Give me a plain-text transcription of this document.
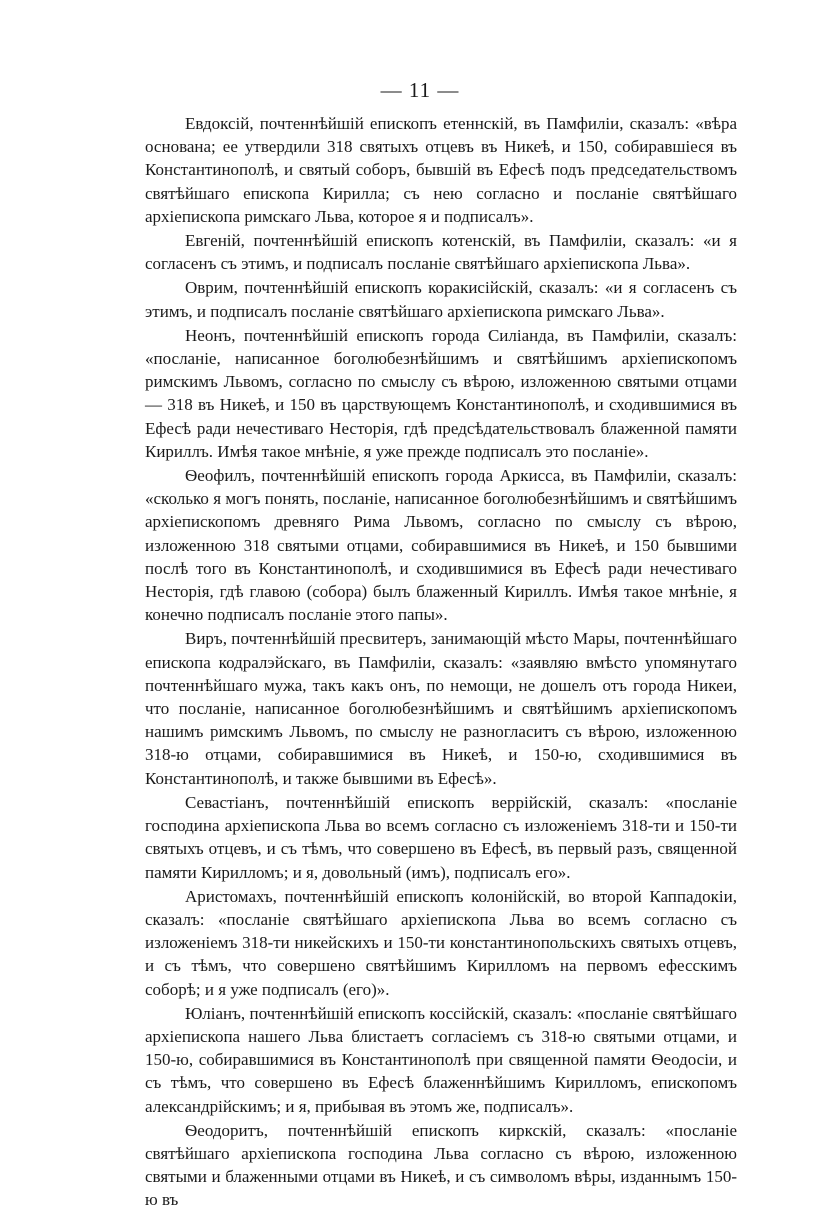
— 11 —

Евдоксій, почтеннѣйшій епископъ етеннскій, въ Памфиліи, сказалъ: «вѣра основана; ее утвердили 318 святыхъ отцевъ въ Никеѣ, и 150, собиравшіеся въ Константинополѣ, и святый соборъ, бывшій въ Ефесѣ подъ председательствомъ святѣйшаго епископа Кирилла; съ нею согласно и посланіе святѣйшаго архіепископа римскаго Льва, которое я и подписалъ».

Евгеній, почтеннѣйшій епископъ котенскій, въ Памфиліи, сказалъ: «и я согласенъ съ этимъ, и подписалъ посланіе святѣйшаго архіепископа Льва».

Оврим, почтеннѣйшій епископъ коракисійскій, сказалъ: «и я согласенъ съ этимъ, и подписалъ посланіе святѣйшаго архіепископа римскаго Льва».

Неонъ, почтеннѣйшій епископъ города Силіанда, въ Памфиліи, сказалъ: «посланіе, написанное боголюбезнѣйшимъ и святѣйшимъ архіепископомъ римскимъ Львомъ, согласно по смыслу съ вѣрою, изложенною святыми отцами— 318 въ Никеѣ, и 150 въ царствующемъ Константинополѣ, и сходившимися въ Ефесѣ ради нечестиваго Несторія, гдѣ предсѣдательствовалъ блаженной памяти Кириллъ. Имѣя такое мнѣніе, я уже прежде подписалъ это посланіе».

Ѳеофилъ, почтеннѣйшій епископъ города Аркисса, въ Памфиліи, сказалъ: «сколько я могъ понять, посланіе, написанное боголюбезнѣйшимъ и святѣйшимъ архіепископомъ древняго Рима Львомъ, согласно по смыслу съ вѣрою, изложенною 318 святыми отцами, собиравшимися въ Никеѣ, и 150 бывшими послѣ того въ Константинополѣ, и сходившимися въ Ефесѣ ради нечестиваго Несторія, гдѣ главою (собора) былъ блаженный Кириллъ. Имѣя такое мнѣніе, я конечно подписалъ посланіе этого папы».

Виръ, почтеннѣйшій пресвитеръ, занимающій мѣсто Мары, почтеннѣйшаго епископа кодралэйскаго, въ Памфиліи, сказалъ: «заявляю вмѣсто упомянутаго почтеннѣйшаго мужа, такъ какъ онъ, по немощи, не дошелъ отъ города Никеи, что посланіе, написанное боголюбезнѣйшимъ и святѣйшимъ архіепископомъ нашимъ римскимъ Львомъ, по смыслу не разногласитъ съ вѣрою, изложенною 318-ю отцами, собиравшимися въ Никеѣ, и 150-ю, сходившимися въ Константинополѣ, и также бывшими въ Ефесѣ».

Севастіанъ, почтеннѣйшій епископъ веррійскій, сказалъ: «посланіе господина архіепископа Льва во всемъ согласно съ изложеніемъ 318-ти и 150-ти святыхъ отцевъ, и съ тѣмъ, что совершено въ Ефесѣ, въ первый разъ, священной памяти Кирилломъ; и я, довольный (имъ), подписалъ его».

Аристомахъ, почтеннѣйшій епископъ колонійскій, во второй Каппадокіи, сказалъ: «посланіе святѣйшаго архіепископа Льва во всемъ согласно съ изложеніемъ 318-ти никейскихъ и 150-ти константинопольскихъ святыхъ отцевъ, и съ тѣмъ, что совершено святѣйшимъ Кирилломъ на первомъ ефесскимъ соборѣ; и я уже подписалъ (его)».

Юліанъ, почтеннѣйшій епископъ коссійскій, сказалъ: «посланіе святѣйшаго архіепископа нашего Льва блистаетъ согласіемъ съ 318-ю святыми отцами, и 150-ю, собиравшимися въ Константинополѣ при священной памяти Ѳеодосіи, и съ тѣмъ, что совершено въ Ефесѣ блаженнѣйшимъ Кирилломъ, епископомъ александрійскимъ; и я, прибывая въ этомъ же, подписалъ».

Ѳеодоритъ, почтеннѣйшій епископъ киркскій, сказалъ: «посланіе святѣйшаго архіепископа господина Льва согласно съ вѣрою, изложенною святыми и блаженными отцами въ Никеѣ, и съ символомъ вѣры, изданнымъ 150-ю въ
